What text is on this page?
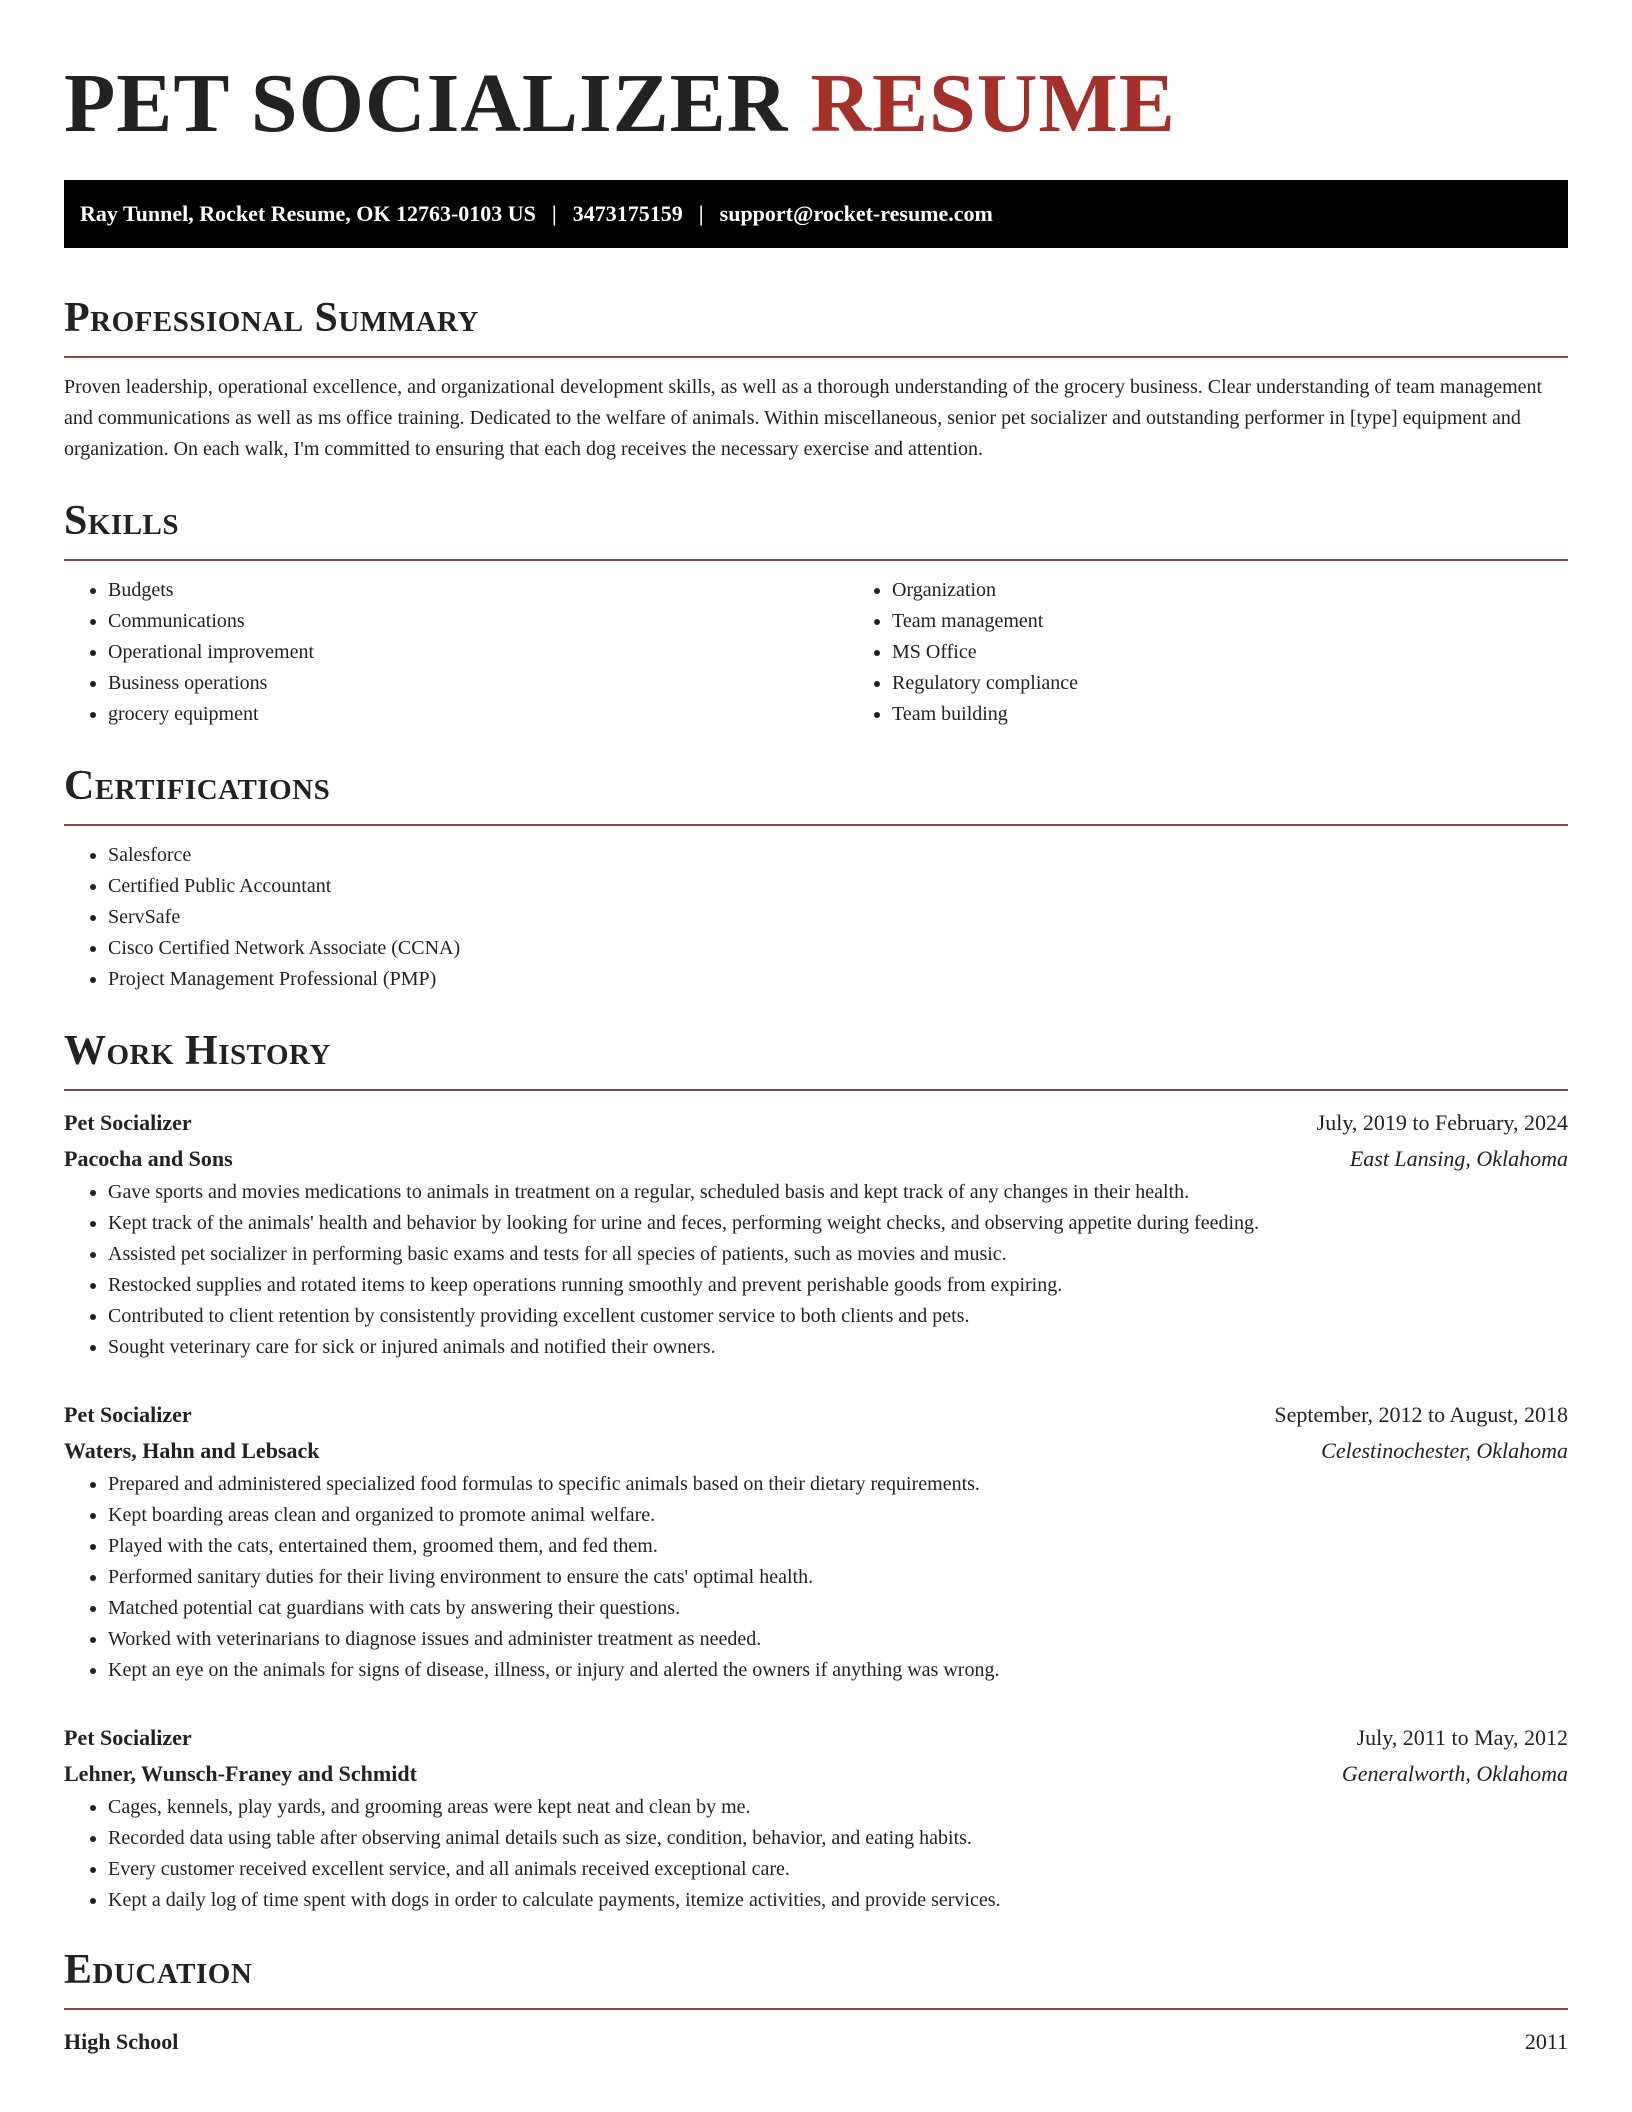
PET SOCIALIZER RESUME
Ray Tunnel, Rocket Resume, OK 12763-0103 US | 3473175159 | support@rocket-resume.com
Professional Summary

Proven leadership, operational excellence, and organizational development skills, as well as a thorough understanding of the grocery business. Clear understanding of team management and communications as well as ms office training. Dedicated to the welfare of animals. Within miscellaneous, senior pet socializer and outstanding performer in [type] equipment and organization. On each walk, I'm committed to ensuring that each dog receives the necessary exercise and attention.

Skills
• Budgets
• Communications
• Operational improvement
• Business operations
• grocery equipment
• Organization
• Team management
• MS Office
• Regulatory compliance
• Team building
Certifications
• Salesforce
• Certified Public Accountant
• ServSafe
• Cisco Certified Network Associate (CCNA)
• Project Management Professional (PMP)
Work History
Pet Socializer	July, 2019 to February, 2024
Pacocha and Sons	East Lansing, Oklahoma
• Gave sports and movies medications to animals in treatment on a regular, scheduled basis and kept track of any changes in their health.
• Kept track of the animals' health and behavior by looking for urine and feces, performing weight checks, and observing appetite during feeding.
• Assisted pet socializer in performing basic exams and tests for all species of patients, such as movies and music.
• Restocked supplies and rotated items to keep operations running smoothly and prevent perishable goods from expiring.
• Contributed to client retention by consistently providing excellent customer service to both clients and pets.
• Sought veterinary care for sick or injured animals and notified their owners.
Pet Socializer	September, 2012 to August, 2018
Waters, Hahn and Lebsack	Celestinochester, Oklahoma
• Prepared and administered specialized food formulas to specific animals based on their dietary requirements.
• Kept boarding areas clean and organized to promote animal welfare.
• Played with the cats, entertained them, groomed them, and fed them.
• Performed sanitary duties for their living environment to ensure the cats' optimal health.
• Matched potential cat guardians with cats by answering their questions.
• Worked with veterinarians to diagnose issues and administer treatment as needed.
• Kept an eye on the animals for signs of disease, illness, or injury and alerted the owners if anything was wrong.
Pet Socializer	July, 2011 to May, 2012
Lehner, Wunsch-Franey and Schmidt	Generalworth, Oklahoma
• Cages, kennels, play yards, and grooming areas were kept neat and clean by me.
• Recorded data using table after observing animal details such as size, condition, behavior, and eating habits.
• Every customer received excellent service, and all animals received exceptional care.
• Kept a daily log of time spent with dogs in order to calculate payments, itemize activities, and provide services.
Education
High School	2011
